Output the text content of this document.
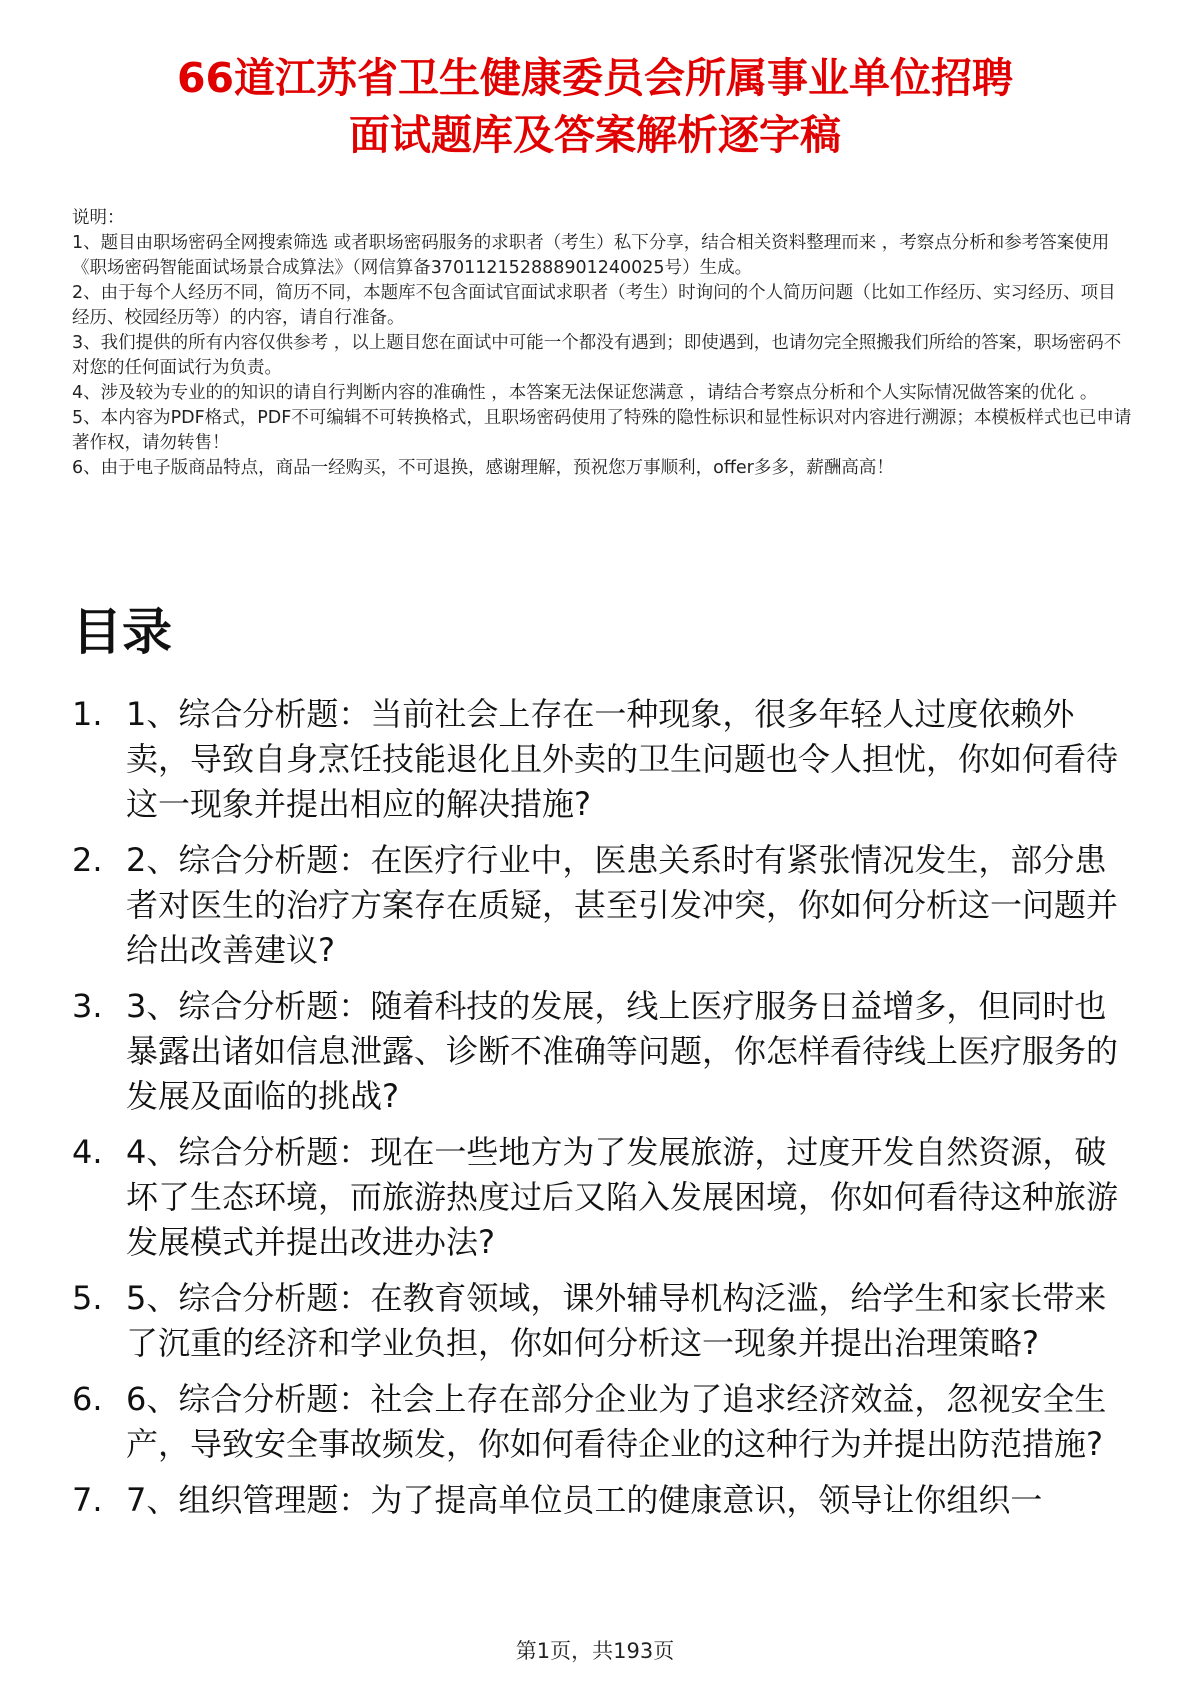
66道江苏省卫生健康委员会所属事业单位招聘
面试题库及答案解析逐字稿
说明：
1、题目由职场密码全网搜索筛选 或者职场密码服务的求职者（考生）私下分享，结合相关资料整理而来 ，考察点分析和参考答案使用《职场密码智能面试场景合成算法》（网信算备370112152888901240025号）生成。
2、由于每个人经历不同，简历不同，本题库不包含面试官面试求职者（考生）时询问的个人简历问题（比如工作经历、实习经历、项目经历、校园经历等）的内容，请自行准备。
3、我们提供的所有内容仅供参考 ，以上题目您在面试中可能一个都没有遇到；即使遇到，也请勿完全照搬我们所给的答案，职场密码不对您的任何面试行为负责。
4、涉及较为专业的的知识的请自行判断内容的准确性 ，本答案无法保证您满意 ，请结合考察点分析和个人实际情况做答案的优化 。
5、本内容为PDF格式，PDF不可编辑不可转换格式，且职场密码使用了特殊的隐性标识和显性标识对内容进行溯源；本模板样式也已申请著作权，请勿转售！
6、由于电子版商品特点，商品一经购买，不可退换，感谢理解，预祝您万事顺利，offer多多，薪酬高高！
目录
1. 1、综合分析题：当前社会上存在一种现象，很多年轻人过度依赖外卖，导致自身烹饪技能退化且外卖的卫生问题也令人担忧，你如何看待这一现象并提出相应的解决措施?
2. 2、综合分析题：在医疗行业中，医患关系时有紧张情况发生，部分患者对医生的治疗方案存在质疑，甚至引发冲突，你如何分析这一问题并给出改善建议?
3. 3、综合分析题：随着科技的发展，线上医疗服务日益增多，但同时也暴露出诸如信息泄露、诊断不准确等问题，你怎样看待线上医疗服务的发展及面临的挑战?
4. 4、综合分析题：现在一些地方为了发展旅游，过度开发自然资源，破坏了生态环境，而旅游热度过后又陷入发展困境，你如何看待这种旅游发展模式并提出改进办法?
5. 5、综合分析题：在教育领域，课外辅导机构泛滥，给学生和家长带来了沉重的经济和学业负担，你如何分析这一现象并提出治理策略?
6. 6、综合分析题：社会上存在部分企业为了追求经济效益，忽视安全生产，导致安全事故频发，你如何看待企业的这种行为并提出防范措施?
7. 7、组织管理题：为了提高单位员工的健康意识，领导让你组织一
第1页，共193页
